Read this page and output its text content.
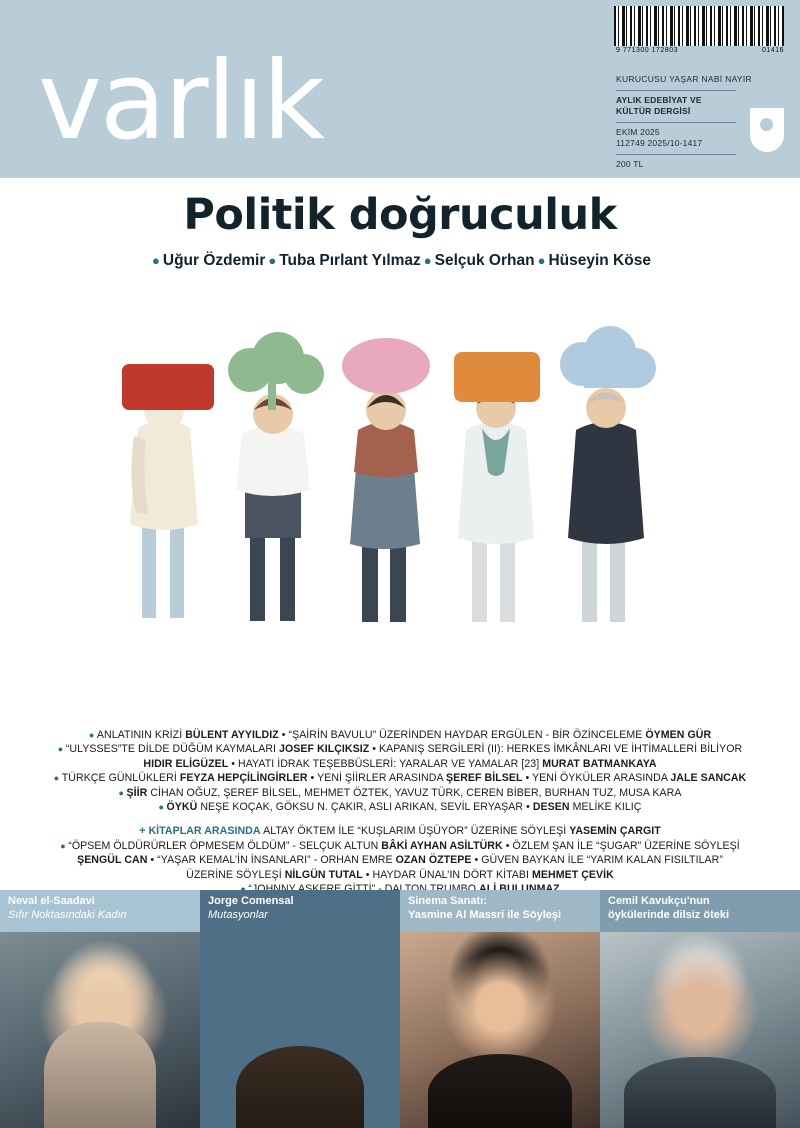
9 771300 172803	01416
varlık	KURUCUSU YAŞAR NABİ NAYIR
AYLIK EDEBİYAT VE
KÜLTÜR DERGİSİ
EKİM 2025
112749 2025/10-1417
200 TL
Politik doğruculuk
● Uğur Özdemir ● Tuba Pırlant Yılmaz ● Selçuk Orhan ● Hüseyin Köse
● ANLATININ KRİZİ BÜLENT AYYILDIZ • “ŞAİRİN BAVULU” ÜZERİNDEN HAYDAR ERGÜLEN - BİR ÖZİNCELEME ÖYMEN GÜR
● “ULYSSES”TE DİLDE DÜĞÜM KAYMALARI JOSEF KILÇIKSIZ • KAPANIŞ SERGİLERİ (II): HERKES İMKÂNLARI VE İHTİMALLERİ BİLİYOR
HIDIR ELİGÜZEL • HAYATI İDRAK TEŞEBBÜSLERİ: YARALAR VE YAMALAR [23] MURAT BATMANKAYA
● TÜRKÇE GÜNLÜKLERİ FEYZA HEPÇİLİNGİRLER • YENİ ŞİİRLER ARASINDA ŞEREF BİLSEL • YENİ ÖYKÜLER ARASINDA JALE SANCAK
● ŞİİR CİHAN OĞUZ, ŞEREF BİLSEL, MEHMET ÖZTEK, YAVUZ TÜRK, CEREN BİBER, BURHAN TUZ, MUSA KARA
● ÖYKÜ NEŞE KOÇAK, GÖKSU N. ÇAKIR, ASLI ARIKAN, SEVİL ERYAŞAR • DESEN MELİKE KILIÇ
+ KİTAPLAR ARASINDA ALTAY ÖKTEM İLE “KUŞLARIM ÜŞÜYOR” ÜZERİNE SÖYLEŞİ YASEMİN ÇARGIT
● “ÖPSEM ÖLDÜRÜRLER ÖPMESEM ÖLDÜM” - SELÇUK ALTUN BÂKİ AYHAN ASİLTÜRK • ÖZLEM ŞAN İLE “ŞUGAR” ÜZERİNE SÖYLEŞİ
ŞENGÜL CAN • “YAŞAR KEMAL’İN İNSANLARI” - ORHAN EMRE OZAN ÖZTEPE • GÜVEN BAYKAN İLE “YARIM KALAN FISILTILAR”
ÜZERİNE SÖYLEŞİ NİLGÜN TUTAL • HAYDAR ÜNAL’IN DÖRT KİTABI MEHMET ÇEVİK
Neval el-Saadavi
Sıfır Noktasındaki Kadın
Jorge Comensal
Mutasyonlar
Sinema Sanatı:
Yasmine Al Massri ile Söyleşi
Cemil Kavukçu'nun
öykülerinde dilsiz öteki
